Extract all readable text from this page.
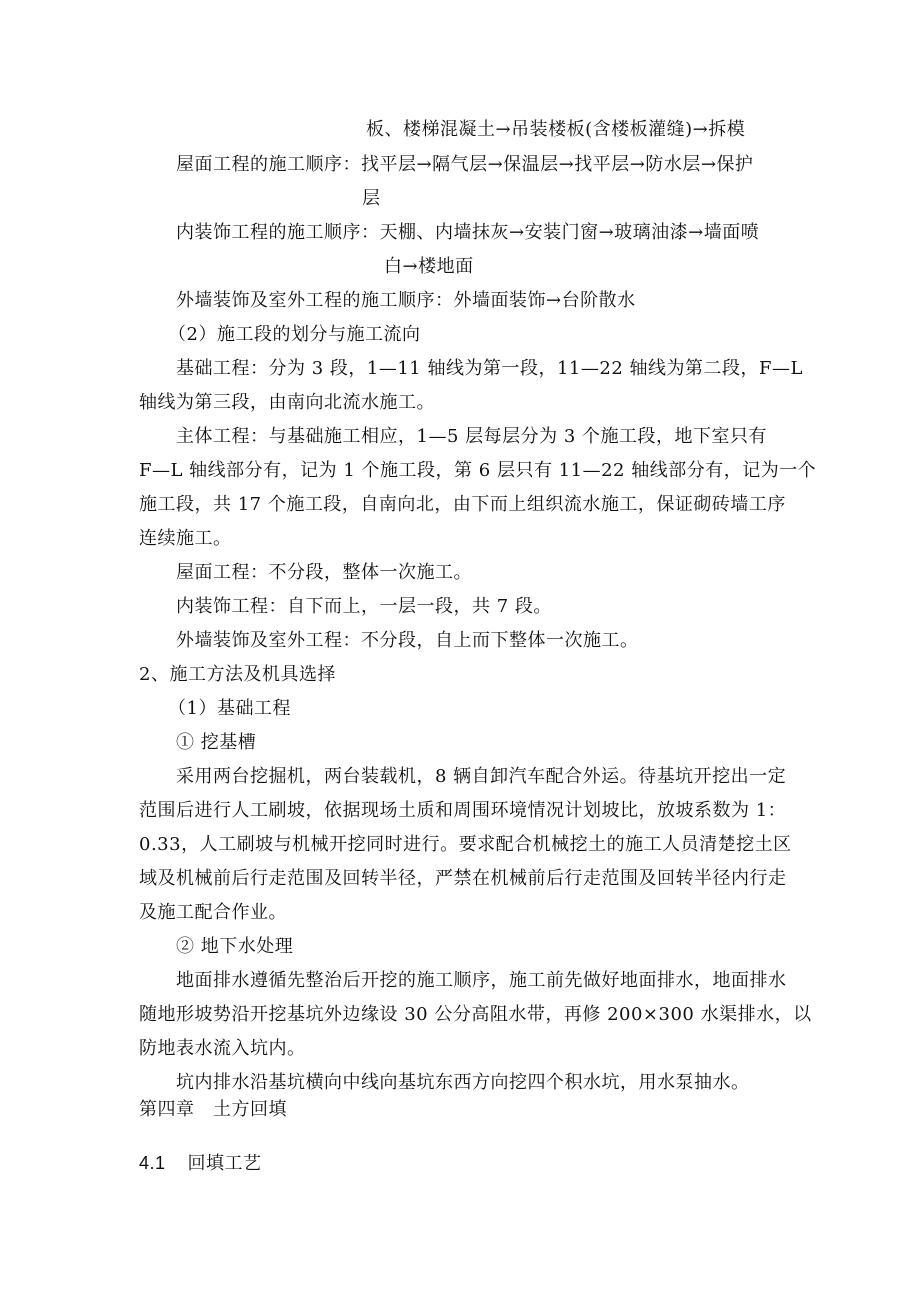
板、楼梯混凝土→吊装楼板(含楼板灌缝)→拆模
屋面工程的施工顺序：找平层→隔气层→保温层→找平层→防水层→保护
层
内装饰工程的施工顺序：天棚、内墙抹灰→安装门窗→玻璃油漆→墙面喷
白→楼地面
外墙装饰及室外工程的施工顺序：外墙面装饰→台阶散水
（2）施工段的划分与施工流向
基础工程：分为 3 段，1—11 轴线为第一段，11—22 轴线为第二段，F—L
轴线为第三段，由南向北流水施工。
主体工程：与基础施工相应，1—5 层每层分为 3 个施工段，地下室只有
F—L 轴线部分有，记为 1 个施工段，第 6 层只有 11—22 轴线部分有，记为一个
施工段，共 17 个施工段，自南向北，由下而上组织流水施工，保证砌砖墙工序
连续施工。
屋面工程：不分段，整体一次施工。
内装饰工程：自下而上，一层一段，共 7 段。
外墙装饰及室外工程：不分段，自上而下整体一次施工。
2、施工方法及机具选择
（1）基础工程
① 挖基槽
采用两台挖掘机，两台装载机，8 辆自卸汽车配合外运。待基坑开挖出一定
范围后进行人工刷坡，依据现场土质和周围环境情况计划坡比，放坡系数为 1：
0.33，人工刷坡与机械开挖同时进行。要求配合机械挖土的施工人员清楚挖土区
域及机械前后行走范围及回转半径，严禁在机械前后行走范围及回转半径内行走
及施工配合作业。
② 地下水处理
地面排水遵循先整治后开挖的施工顺序，施工前先做好地面排水，地面排水
随地形坡势沿开挖基坑外边缘设 30 公分高阻水带，再修 200×300 水渠排水，以
防地表水流入坑内。
坑内排水沿基坑横向中线向基坑东西方向挖四个积水坑，用水泵抽水。
第四章　土方回填
4.1 回填工艺
